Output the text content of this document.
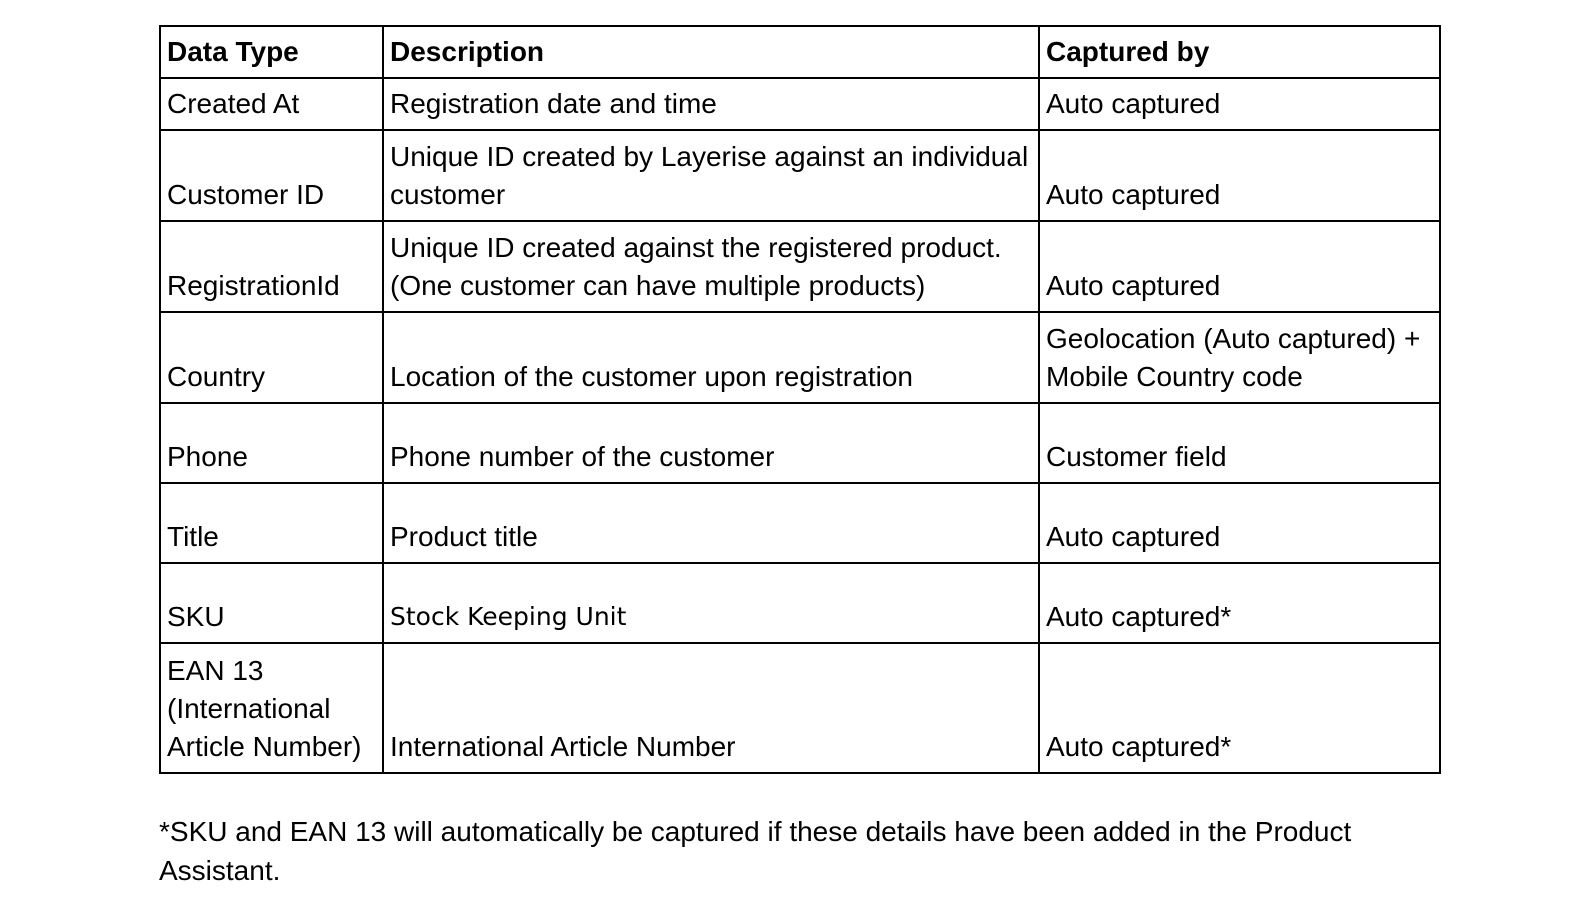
Data Type	Description	Captured by
Created At	Registration date and time	Auto captured
Customer ID	Unique ID created by Layerise against an individual customer	Auto captured
RegistrationId	Unique ID created against the registered product. (One customer can have multiple products)	Auto captured
Country	Location of the customer upon registration	Geolocation (Auto captured) + Mobile Country code
Phone	Phone number of the customer	Customer field
Title	Product title	Auto captured
SKU	Stock Keeping Unit	Auto captured*
EAN 13 (International Article Number)	International Article Number	Auto captured*

*SKU and EAN 13 will automatically be captured if these details have been added in the Product Assistant.
